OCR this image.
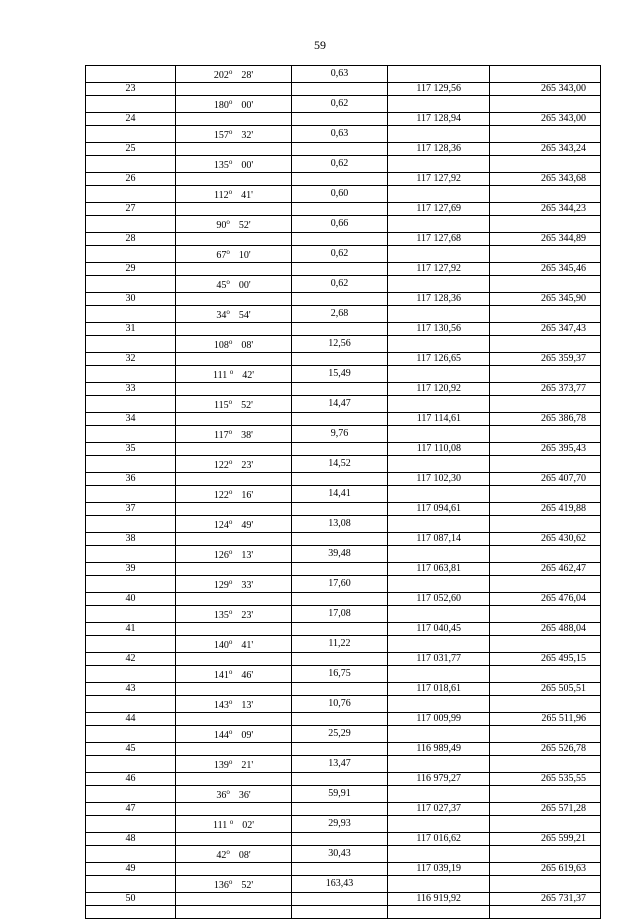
59
	202$^o$ 28'	0,63		
23			117 129,56	265 343,00
	180$^o$ 00'	0,62		
24			117 128,94	265 343,00
	157$^o$ 32'	0,63		
25			117 128,36	265 343,24
	135$^o$ 00'	0,62		
26			117 127,92	265 343,68
	112$^o$ 41'	0,60		
27			117 127,69	265 344,23
	90$^o$ 52'	0,66		
28			117 127,68	265 344,89
	67$^o$ 10'	0,62		
29			117 127,92	265 345,46
	45$^o$ 00'	0,62		
30			117 128,36	265 345,90
	34$^o$ 54'	2,68		
31			117 130,56	265 347,43
	108$^o$ 08'	12,56		
32			117 126,65	265 359,37
	111 $^o$ 42'	15,49		
33			117 120,92	265 373,77
	115$^o$ 52'	14,47		
34			117 114,61	265 386,78
	117$^o$ 38'	9,76		
35			117 110,08	265 395,43
	122$^o$ 23'	14,52		
36			117 102,30	265 407,70
	122$^o$ 16'	14,41		
37			117 094,61	265 419,88
	124$^o$ 49'	13,08		
38			117 087,14	265 430,62
	126$^o$ 13'	39,48		
39			117 063,81	265 462,47
	129$^o$ 33'	17,60		
40			117 052,60	265 476,04
	135$^o$ 23'	17,08		
41			117 040,45	265 488,04
	140$^o$ 41'	11,22		
42			117 031,77	265 495,15
	141$^o$ 46'	16,75		
43			117 018,61	265 505,51
	143$^o$ 13'	10,76		
44			117 009,99	265 511,96
	144$^o$ 09'	25,29		
45			116 989,49	265 526,78
	139$^o$ 21'	13,47		
46			116 979,27	265 535,55
	36$^o$ 36'	59,91		
47			117 027,37	265 571,28
	111 $^o$ 02'	29,93		
48			117 016,62	265 599,21
	42$^o$ 08'	30,43		
49			117 039,19	265 619,63
	136$^o$ 52'	163,43		
50			116 919,92	265 731,37
